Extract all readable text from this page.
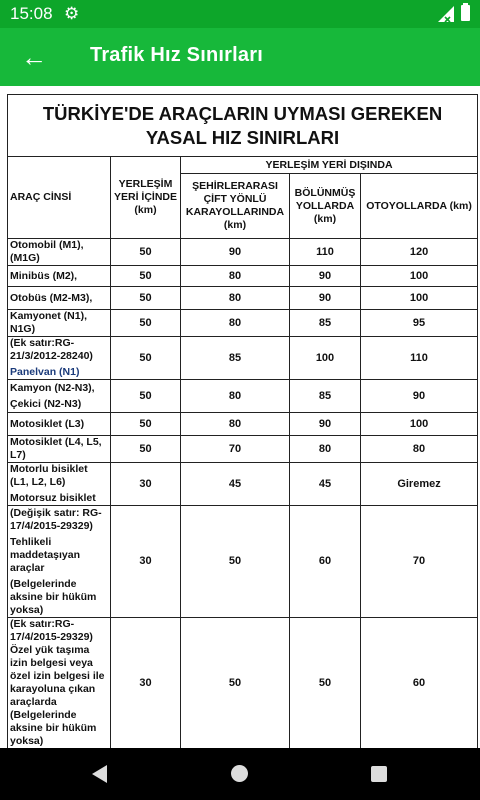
15:08 ⚙
← Trafik Hız Sınırları
TÜRKİYE'DE ARAÇLARIN UYMASI GEREKEN YASAL HIZ SINIRLARI				
ARAÇ CİNSİ	YERLEŞİM YERİ İÇİNDE (km)	YERLEŞİM YERİ DIŞINDA		
		ŞEHİRLERARASI ÇİFT YÖNLÜ KARAYOLLARINDA (km)	BÖLÜNMÜŞ YOLLARDA (km)	OTOYOLLARDA (km)

Otomobil (M1), (M1G)	50	90	110	120

Minibüs (M2),	50	80	90	100

Otobüs (M2-M3),	50	80	90	100

Kamyonet (N1), N1G)	50	80	85	95

(Ek satır:RG-21/3/2012-28240)
Panelvan (N1)	50	85	100	110

Kamyon (N2-N3),
Çekici (N2-N3)	50	80	85	90

Motosiklet (L3)	50	80	90	100

Motosiklet (L4, L5, L7)	50	70	80	80

Motorlu bisiklet (L1, L2, L6)
Motorsuz bisiklet	30	45	45	Giremez

(Değişik satır: RG-17/4/2015-29329)
Tehlikeli maddetaşıyan araçlar
(Belgelerinde aksine bir hüküm yoksa)	30	50	60	70

(Ek satır:RG-17/4/2015-29329) Özel yük taşıma izin belgesi veya özel izin belgesi ile karayoluna çıkan araçlarda (Belgelerinde aksine bir hüküm yoksa)	30	50	50	60
